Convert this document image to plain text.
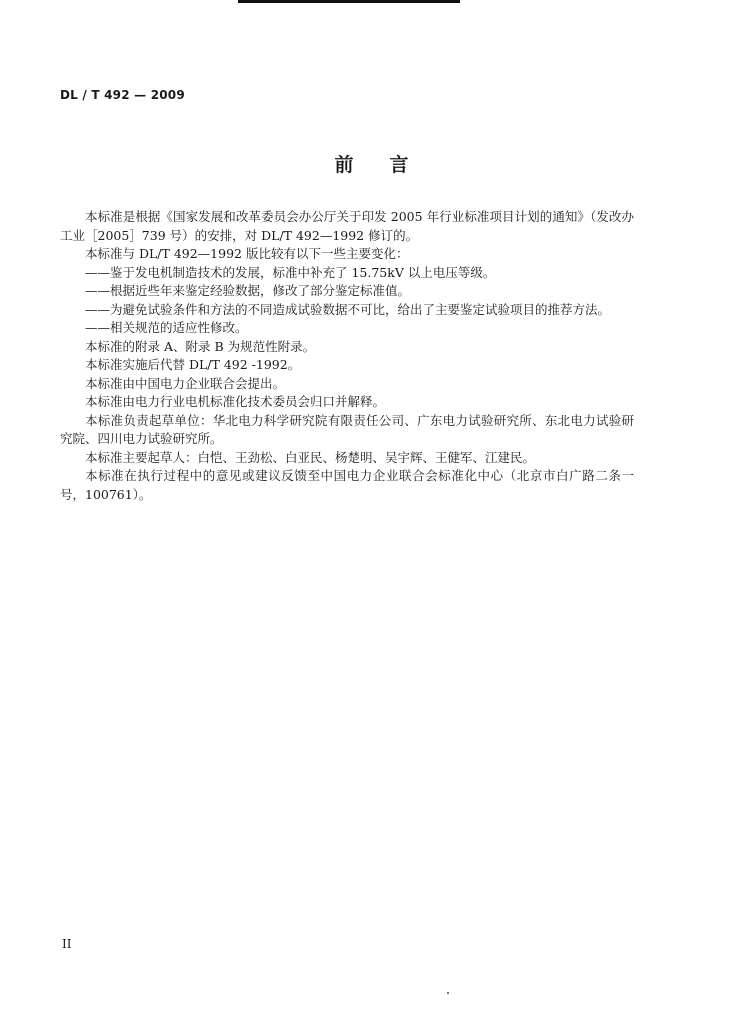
DL / T 492 — 2009
前 言

本标准是根据《国家发展和改革委员会办公厅关于印发 2005 年行业标准项目计划的通知》（发改办工业［2005］739 号）的安排，对 DL/T 492—1992 修订的。

本标准与 DL/T 492—1992 版比较有以下一些主要变化：

——鉴于发电机制造技术的发展，标准中补充了 15.75kV 以上电压等级。

——根据近些年来鉴定经验数据，修改了部分鉴定标准值。

——为避免试验条件和方法的不同造成试验数据不可比，给出了主要鉴定试验项目的推荐方法。

——相关规范的适应性修改。

本标准的附录 A、附录 B 为规范性附录。

本标准实施后代替 DL/T 492 -1992。

本标准由中国电力企业联合会提出。

本标准由电力行业电机标准化技术委员会归口并解释。

本标准负责起草单位：华北电力科学研究院有限责任公司、广东电力试验研究所、东北电力试验研究院、四川电力试验研究所。

本标准主要起草人：白恺、王劲松、白亚民、杨楚明、吴宇辉、王健军、江建民。

本标准在执行过程中的意见或建议反馈至中国电力企业联合会标准化中心（北京市白广路二条一号，100761）。

II
